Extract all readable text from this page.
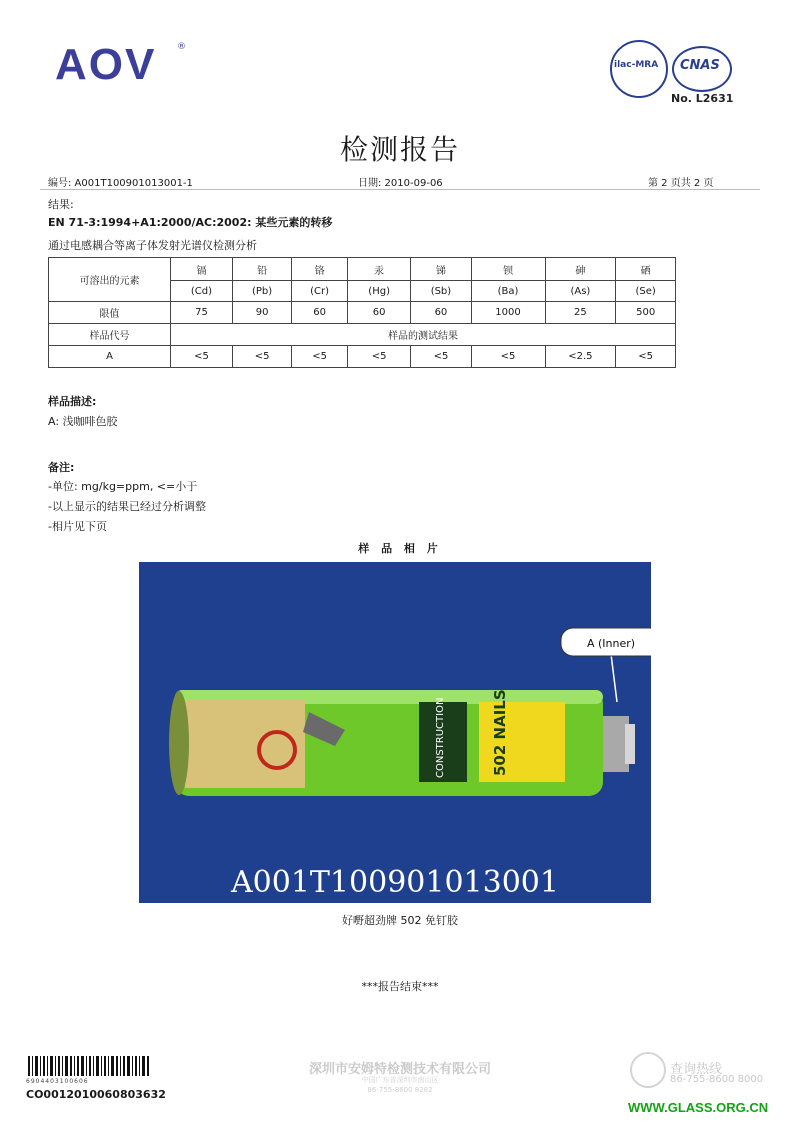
AOV ®
ilac-MRA CNAS
No. L2631
检测报告
编号: A001T100901013001-1	日期: 2010-09-06	第 2 页共 2 页
结果:
EN 71-3:1994+A1:2000/AC:2002: 某些元素的转移
通过电感耦合等离子体发射光谱仪检测分析
可溶出的元素	镉	铅	铬	汞	锑	钡	砷	硒
	(Cd)	(Pb)	(Cr)	(Hg)	(Sb)	(Ba)	(As)	(Se)
限值	75	90	60	60	60	1000	25	500
样品代号	样品的测试结果							
A	<5	<5	<5	<5	<5	<5	<2.5	<5
样品描述:
A: 浅咖啡色胶
备注:
-单位: mg/kg=ppm, <=小于
-以上显示的结果已经过分析调整
-相片见下页
样 品 相 片
CONSTRUCTION	502 NAILS
A (Inner)
A001T100901013001
好嘢超劲牌 502 免钉胶
***报告结束***
6904403100606
CO0012010060803632
深圳市安姆特检测技术有限公司
中国广东省深圳市南山区
86-755-8600 8282
查询热线
86-755-8600 8000
WWW.GLASS.ORG.CN
